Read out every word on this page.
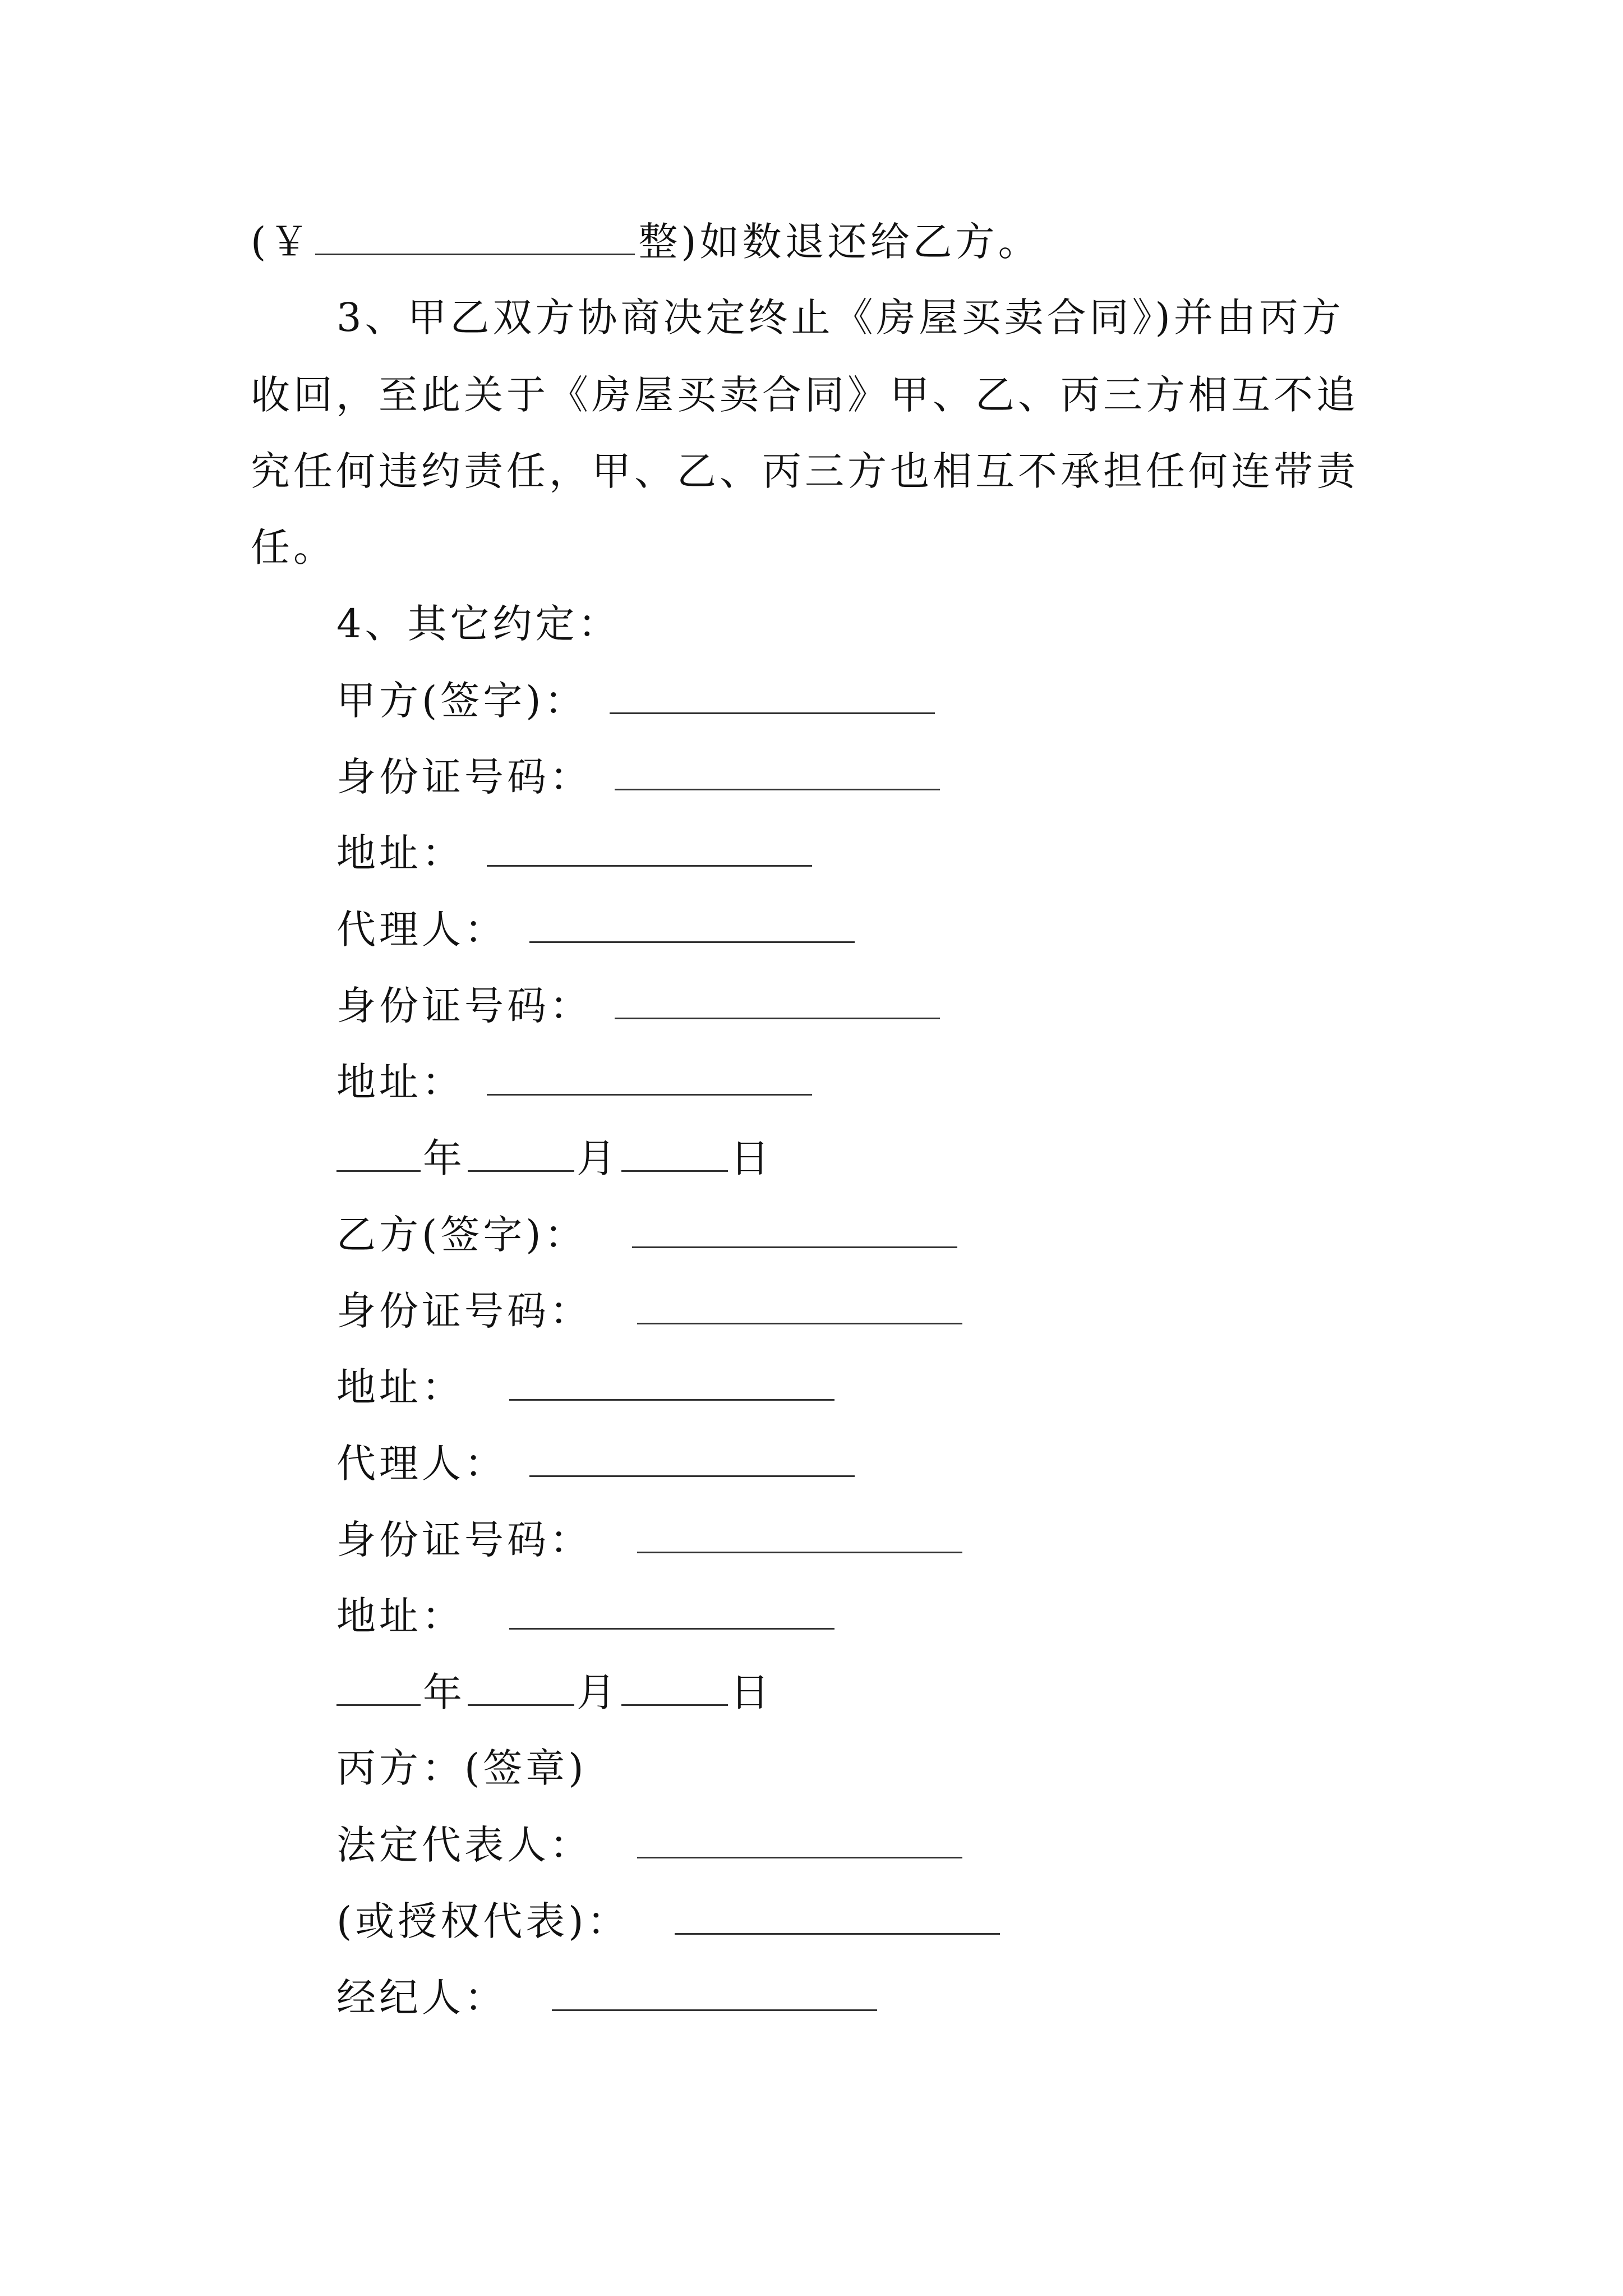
(￥	整)如数退还给乙方。
3、甲乙双方协商决定终止《房屋买卖合同》)并由丙方
收回，至此关于《房屋买卖合同》甲、乙、丙三方相互不追
究任何违约责任，甲、乙、丙三方也相互不承担任何连带责
任。
4、其它约定：
甲方(签字)：
身份证号码：
地址：
代理人：
身份证号码：
地址：
年	月	日
乙方(签字)：
身份证号码：
地址：
代理人：
身份证号码：
地址：
年	月	日
丙方：(签章)
法定代表人：
(或授权代表)：
经纪人：
